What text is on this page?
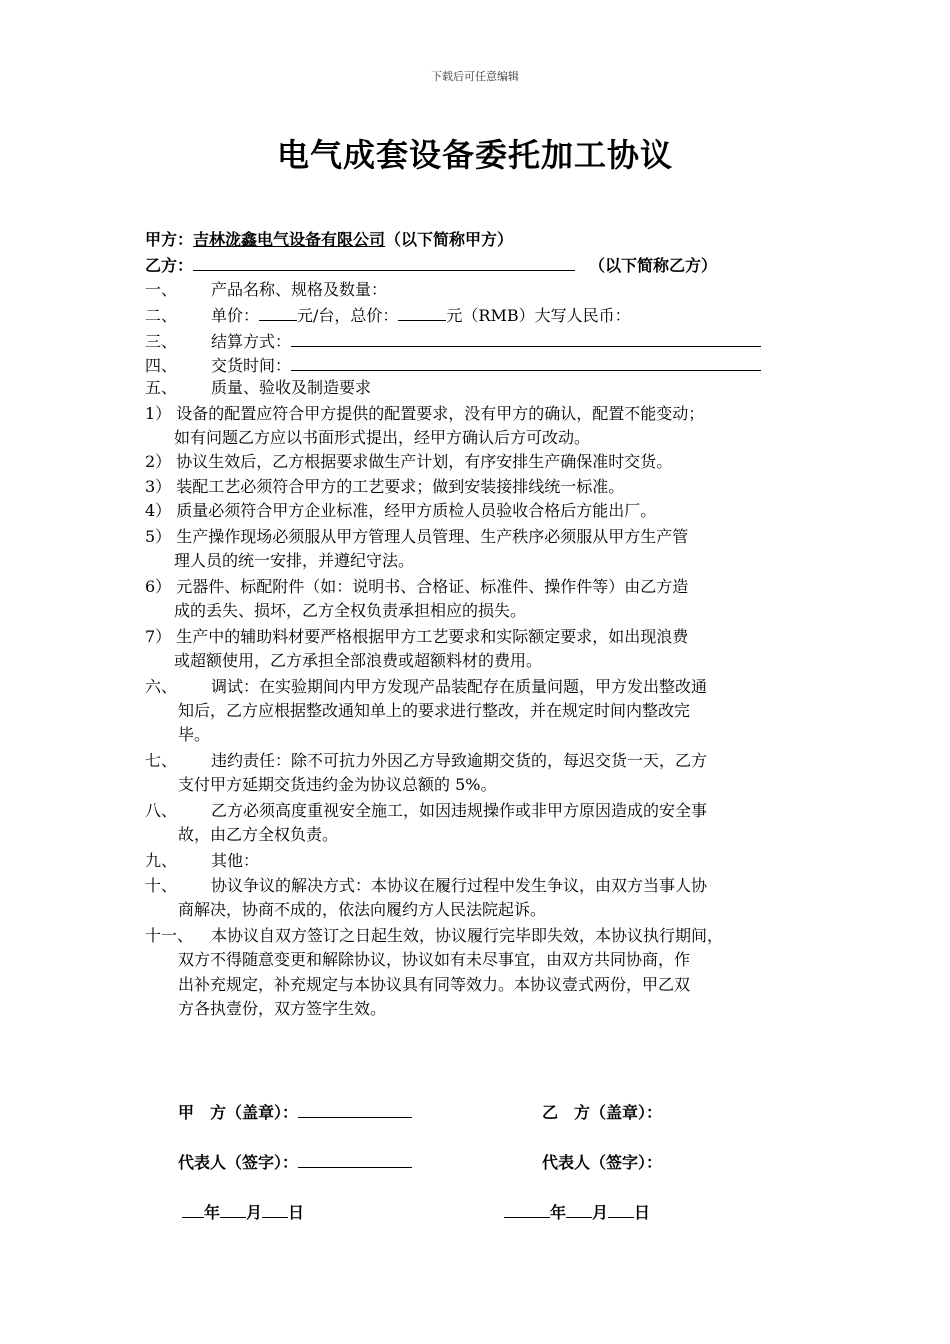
下载后可任意编辑
电气成套设备委托加工协议
甲方：吉林泷鑫电气设备有限公司（以下简称甲方）
乙方：	（以下简称乙方）
一、 产品名称、规格及数量：
二、 单价： 元/台，总价：	元（RMB）大写人民币：
三、 结算方式：
四、 交货时间：
五、 质量、验收及制造要求
1） 设备的配置应符合甲方提供的配置要求，没有甲方的确认，配置不能变动；
如有问题乙方应以书面形式提出，经甲方确认后方可改动。
2） 协议生效后，乙方根据要求做生产计划，有序安排生产确保准时交货。
3） 装配工艺必须符合甲方的工艺要求；做到安装接排线统一标准。
4） 质量必须符合甲方企业标准，经甲方质检人员验收合格后方能出厂。
5） 生产操作现场必须服从甲方管理人员管理、生产秩序必须服从甲方生产管
理人员的统一安排，并遵纪守法。
6） 元器件、标配附件（如：说明书、合格证、标准件、操作件等）由乙方造
成的丢失、损坏，乙方全权负责承担相应的损失。
7） 生产中的辅助料材要严格根据甲方工艺要求和实际额定要求，如出现浪费
或超额使用，乙方承担全部浪费或超额料材的费用。
六、 调试：在实验期间内甲方发现产品装配存在质量问题，甲方发出整改通
知后，乙方应根据整改通知单上的要求进行整改，并在规定时间内整改完
毕。
七、 违约责任：除不可抗力外因乙方导致逾期交货的，每迟交货一天，乙方
支付甲方延期交货违约金为协议总额的 5%。
八、 乙方必须高度重视安全施工，如因违规操作或非甲方原因造成的安全事
故，由乙方全权负责。
九、 其他：
十、 协议争议的解决方式：本协议在履行过程中发生争议，由双方当事人协
商解决，协商不成的，依法向履约方人民法院起诉。
十一、 本协议自双方签订之日起生效，协议履行完毕即失效，本协议执行期间，
双方不得随意变更和解除协议，协议如有未尽事宜，由双方共同协商，作
出补充规定，补充规定与本协议具有同等效力。本协议壹式两份，甲乙双
方各执壹份，双方签字生效。
甲　方（盖章）：	乙　方（盖章）：
代表人（签字）：	代表人（签字）：
年 月 日	年 月 日
